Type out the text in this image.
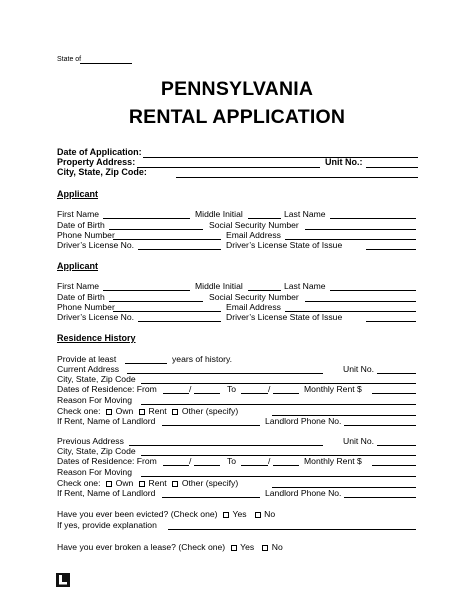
State of
PENNSYLVANIA
RENTAL APPLICATION
Date of Application:
Property Address:	Unit No.:
City, State, Zip Code:
Applicant
First Name	Middle Initial	Last Name
Date of Birth	Social Security Number
Phone Number	Email Address
Driver’s License No.	Driver’s License State of Issue
Applicant
First Name	Middle Initial	Last Name
Date of Birth	Social Security Number
Phone Number	Email Address
Driver’s License No.	Driver’s License State of Issue
Residence History
Provide at least	years of history.
Current Address	Unit No.
City, State, Zip Code
Dates of Residence: From	/	To	/	Monthly Rent $
Reason For Moving
Check one: Own Rent Other (specify)
If Rent, Name of Landlord	Landlord Phone No.
Previous Address	Unit No.
City, State, Zip Code
Dates of Residence: From	/	To	/	Monthly Rent $
Reason For Moving
Check one: Own Rent Other (specify)
If Rent, Name of Landlord	Landlord Phone No.
Have you ever been evicted? (Check one) Yes No
If yes, provide explanation
Have you ever broken a lease? (Check one) Yes No
